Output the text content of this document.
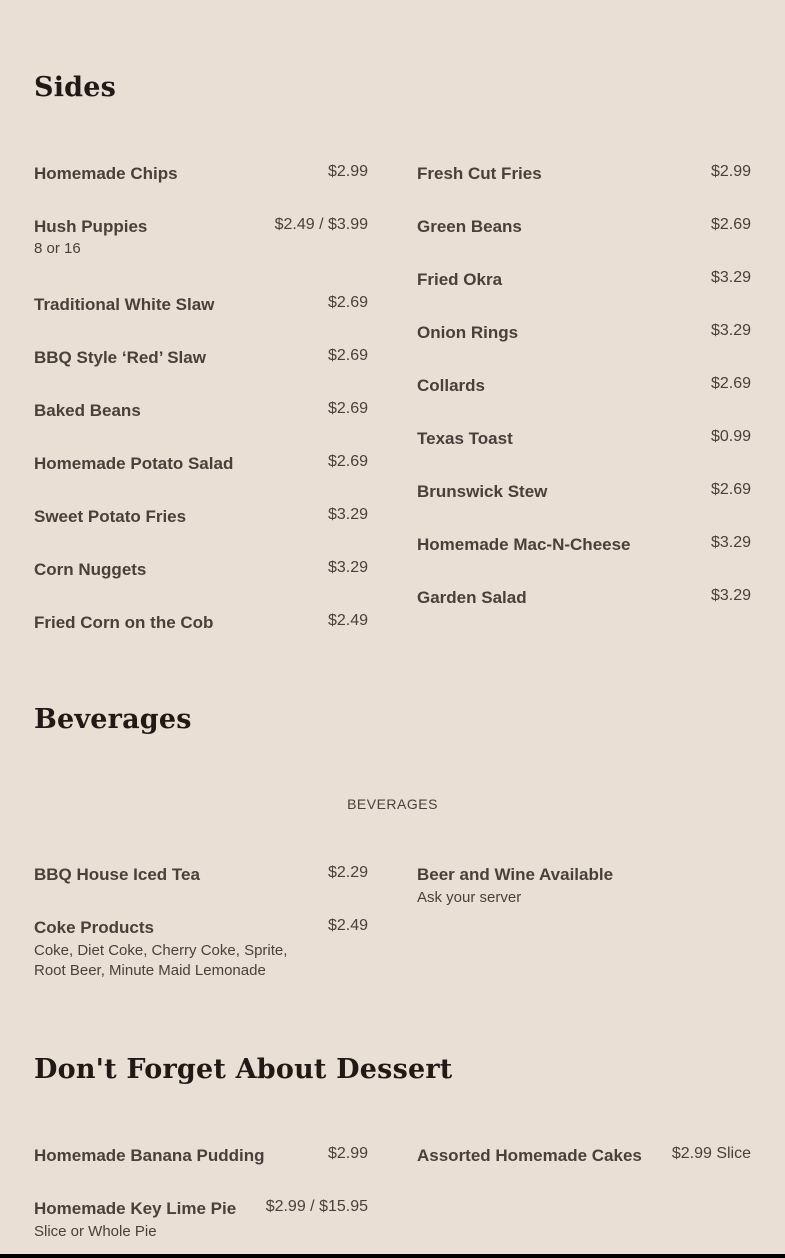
Sides
Homemade Chips	$2.99
Hush Puppies	$2.49 / $3.99
8 or 16
Traditional White Slaw	$2.69
BBQ Style ‘Red’ Slaw	$2.69
Baked Beans	$2.69
Homemade Potato Salad	$2.69
Sweet Potato Fries	$3.29
Corn Nuggets	$3.29
Fried Corn on the Cob	$2.49
Fresh Cut Fries	$2.99
Green Beans	$2.69
Fried Okra	$3.29
Onion Rings	$3.29
Collards	$2.69
Texas Toast	$0.99
Brunswick Stew	$2.69
Homemade Mac-N-Cheese	$3.29
Garden Salad	$3.29
Beverages
BEVERAGES
BBQ House Iced Tea	$2.29
Coke Products	$2.49
Coke, Diet Coke, Cherry Coke, Sprite, Root Beer, Minute Maid Lemonade
Beer and Wine Available
Ask your server
Don't Forget About Dessert
Homemade Banana Pudding	$2.99
Homemade Key Lime Pie	$2.99 / $15.95
Slice or Whole Pie
Assorted Homemade Cakes	$2.99 Slice
